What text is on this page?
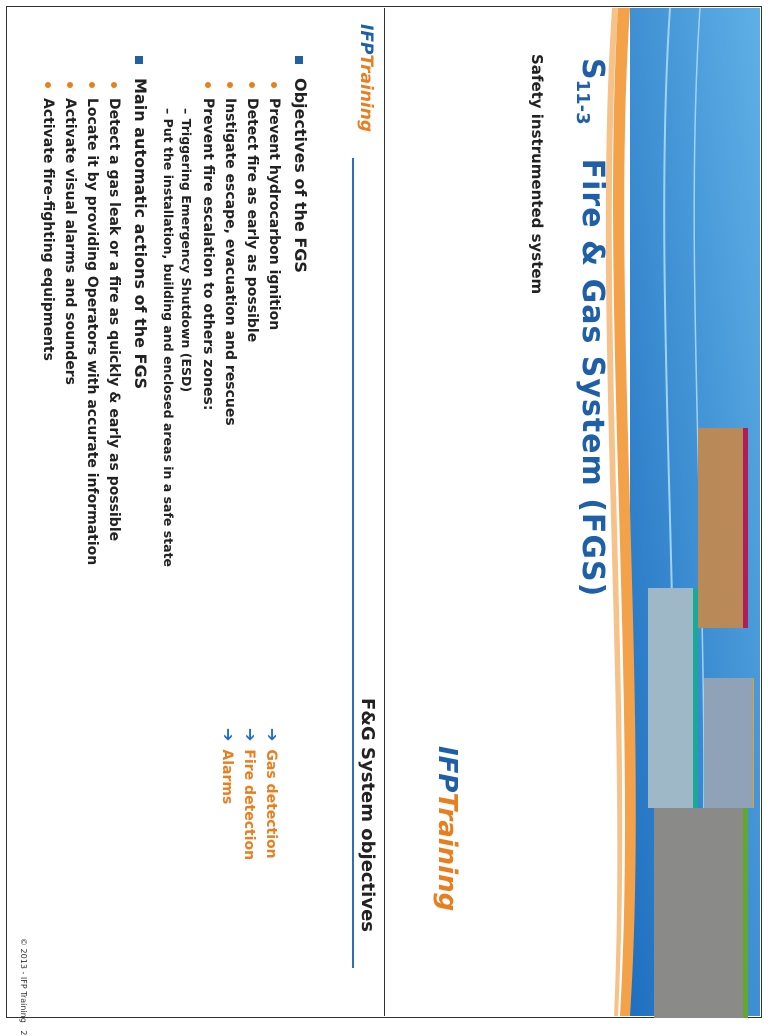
S11-3Fire & Gas System (FGS)
Safety instrumented system
IFPTraining
IFPTraining
F&G System objectives
Objectives of the FGS
Prevent hydrocarbon ignition
Detect fire as early as possible
Instigate escape, evacuation and rescues
Prevent fire escalation to others zones:
– Triggering Emergency Shutdown (ESD)
– Put the installation, building and enclosed areas in a safe state
➔Gas detection
➔Fire detection
➔Alarms
Main automatic actions of the FGS
Detect a gas leak or a fire as quickly & early as possible
Locate it by providing Operators with accurate information
Activate visual alarms and sounders
Activate fire-fighting equipments
© 2013 - IFP Training   2
